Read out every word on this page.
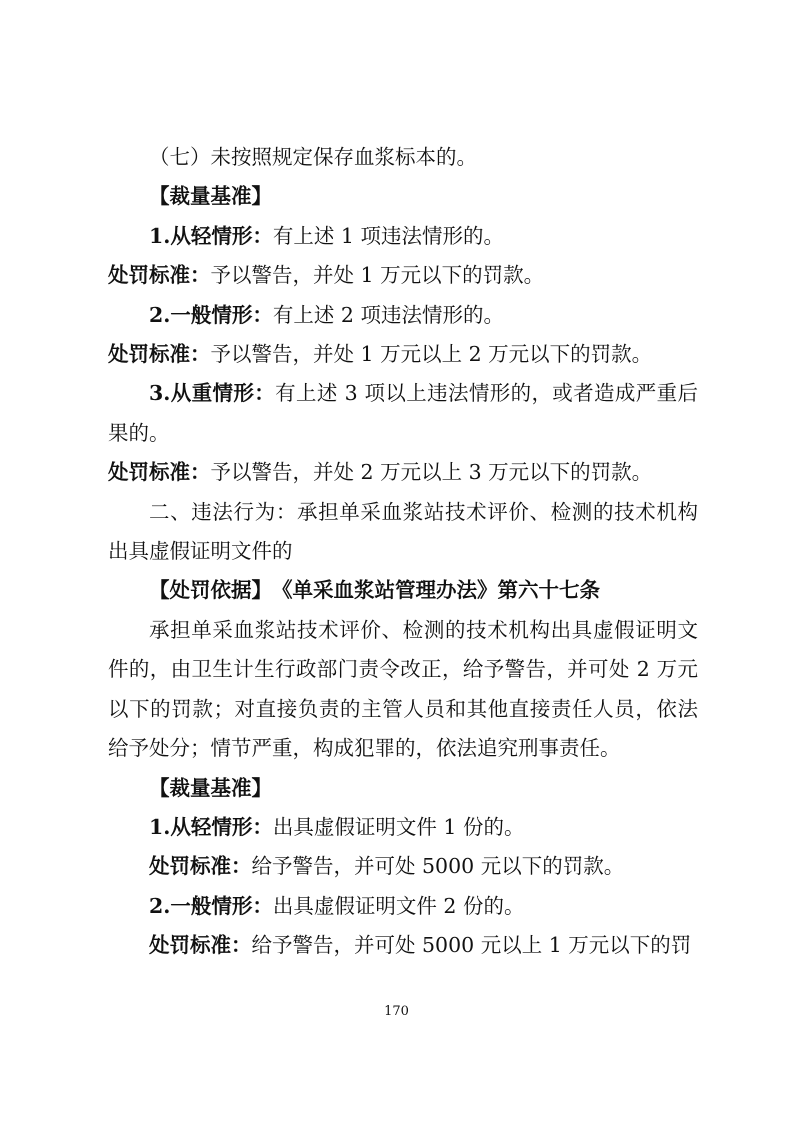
（七）未按照规定保存血浆标本的。

【裁量基准】

1.从轻情形：有上述 1 项违法情形的。

处罚标准：予以警告，并处 1 万元以下的罚款。

2.一般情形：有上述 2 项违法情形的。

处罚标准：予以警告，并处 1 万元以上 2 万元以下的罚款。

3.从重情形：有上述 3 项以上违法情形的，或者造成严重后果的。

处罚标准：予以警告，并处 2 万元以上 3 万元以下的罚款。

二、违法行为：承担单采血浆站技术评价、检测的技术机构出具虚假证明文件的

【处罚依据】　《单采血浆站管理办法》第六十七条

承担单采血浆站技术评价、检测的技术机构出具虚假证明文件的，由卫生计生行政部门责令改正，给予警告，并可处 2 万元以下的罚款；对直接负责的主管人员和其他直接责任人员，依法给予处分；情节严重，构成犯罪的，依法追究刑事责任。

【裁量基准】

1.从轻情形：出具虚假证明文件 1 份的。

处罚标准：给予警告，并可处 5000 元以下的罚款。

2.一般情形：出具虚假证明文件 2 份的。

处罚标准：给予警告，并可处 5000 元以上 1 万元以下的罚

170
